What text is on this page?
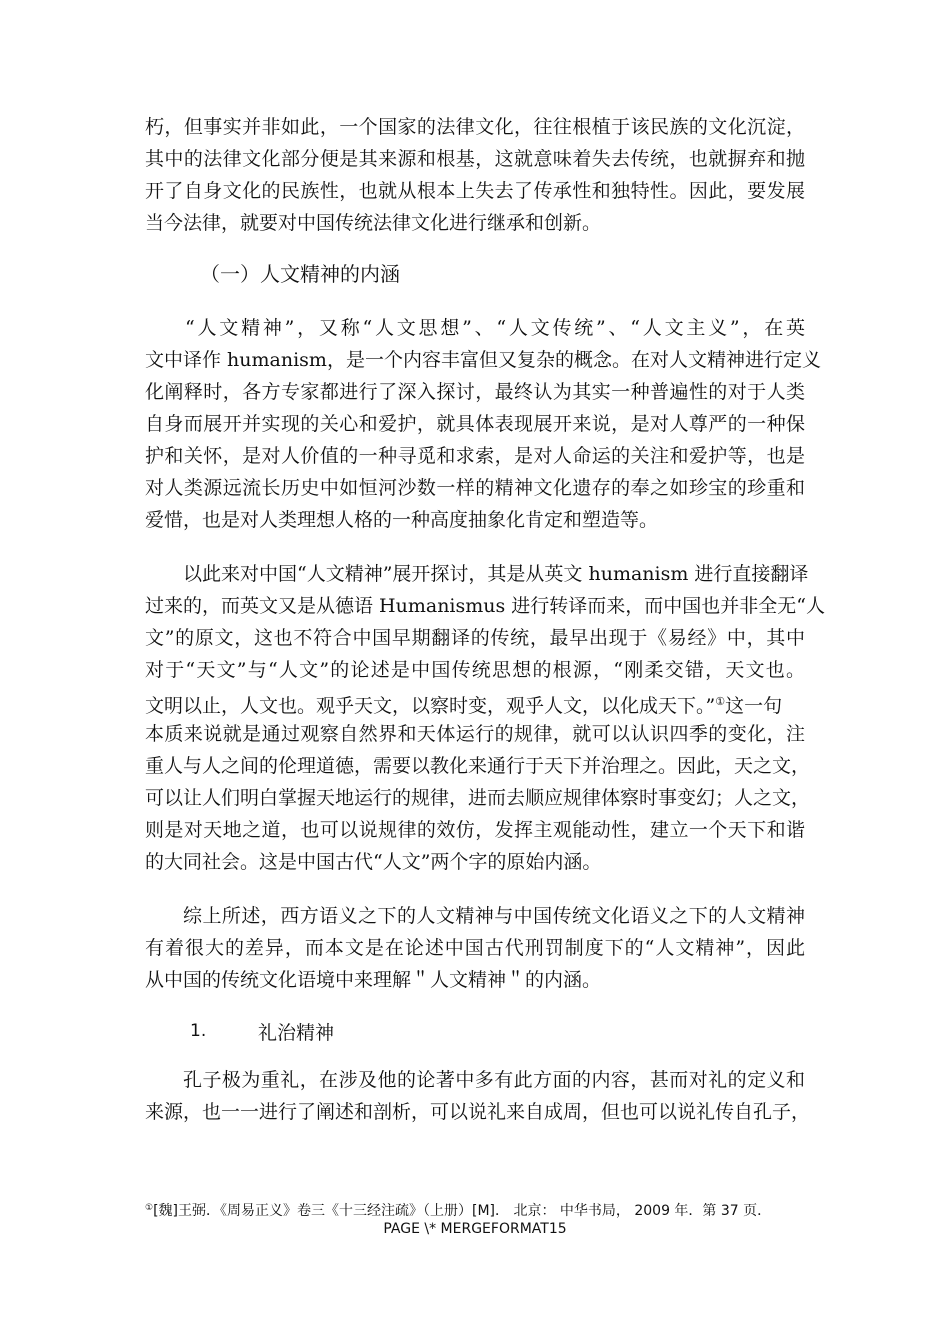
朽，但事实并非如此，一个国家的法律文化，往往根植于该民族的文化沉淀，
其中的法律文化部分便是其来源和根基，这就意味着失去传统，也就摒弃和抛
开了自身文化的民族性，也就从根本上失去了传承性和独特性。因此，要发展
当今法律，就要对中国传统法律文化进行继承和创新。
（一）人文精神的内涵
“人文精神”，又称“人文思想”、“人文传统”、“人文主义”，在英
文中译作 humanism，是一个内容丰富但又复杂的概念。在对人文精神进行定义
化阐释时，各方专家都进行了深入探讨，最终认为其实一种普遍性的对于人类
自身而展开并实现的关心和爱护，就具体表现展开来说，是对人尊严的一种保
护和关怀，是对人价值的一种寻觅和求索，是对人命运的关注和爱护等，也是
对人类源远流长历史中如恒河沙数一样的精神文化遗存的奉之如珍宝的珍重和
爱惜，也是对人类理想人格的一种高度抽象化肯定和塑造等。
以此来对中国“人文精神”展开探讨，其是从英文 humanism 进行直接翻译
过来的，而英文又是从德语 Humanismus 进行转译而来，而中国也并非全无“人
文”的原文，这也不符合中国早期翻译的传统，最早出现于《易经》中，其中
对于“天文”与“人文”的论述是中国传统思想的根源，“刚柔交错，天文也。
文明以止，人文也。观乎天文，以察时变，观乎人文，以化成天下。”①这一句
本质来说就是通过观察自然界和天体运行的规律，就可以认识四季的变化，注
重人与人之间的伦理道德，需要以教化来通行于天下并治理之。因此，天之文，
可以让人们明白掌握天地运行的规律，进而去顺应规律体察时事变幻；人之文，
则是对天地之道，也可以说规律的效仿，发挥主观能动性，建立一个天下和谐
的大同社会。这是中国古代“人文”两个字的原始内涵。
综上所述，西方语义之下的人文精神与中国传统文化语义之下的人文精神
有着很大的差异，而本文是在论述中国古代刑罚制度下的“人文精神”，因此
从中国的传统文化语境中来理解＂人文精神＂的内涵。
1.	礼治精神
孔子极为重礼，在涉及他的论著中多有此方面的内容，甚而对礼的定义和
来源，也一一进行了阐述和剖析，可以说礼来自成周，但也可以说礼传自孔子，
①[魏]王弼．《周易正义》卷三《十三经注疏》（上册）[M]． 北京： 中华书局， 2009 年．第 37 页．
PAGE \* MERGEFORMAT15
